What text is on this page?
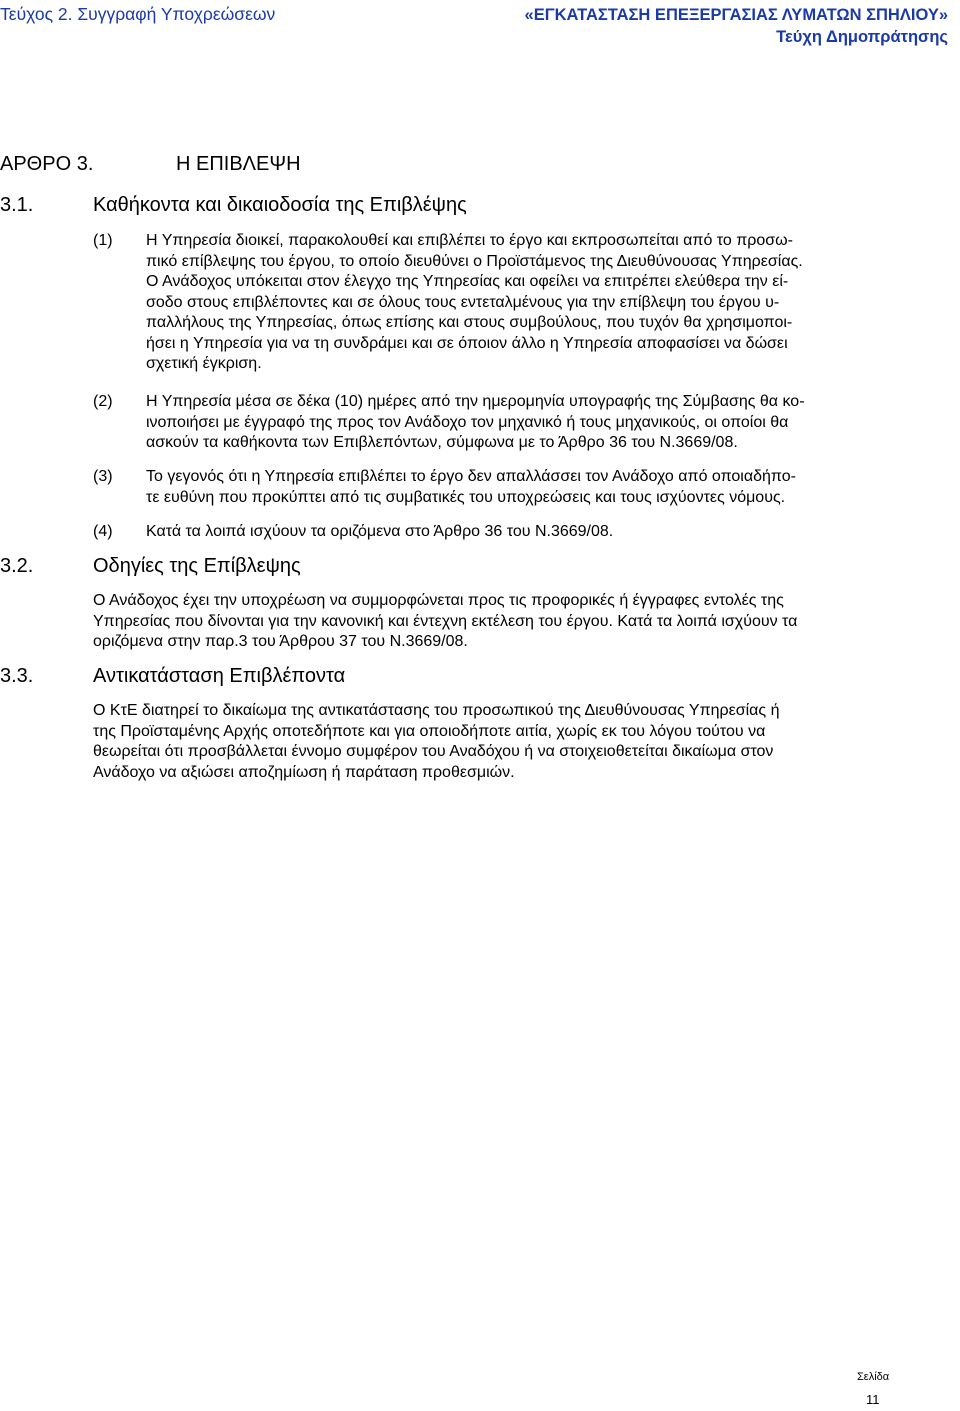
Τεύχος 2. Συγγραφή Υποχρεώσεων	«ΕΓΚΑΤΑΣΤΑΣΗ ΕΠΕΞΕΡΓΑΣΙΑΣ ΛΥΜΑΤΩΝ ΣΠΗΛΙΟΥ»
Τεύχη Δημοπράτησης
ΑΡΘΡΟ 3.	Η ΕΠΙΒΛΕΨΗ
3.1.	Καθήκοντα και δικαιοδοσία της Επιβλέψης
(1) Η Υπηρεσία διοικεί, παρακολουθεί και επιβλέπει το έργο και εκπροσωπείται από το προσω-
πικό επίβλεψης του έργου, το οποίο διευθύνει ο Προϊστάμενος της Διευθύνουσας Υπηρεσίας.
Ο Ανάδοχος υπόκειται στον έλεγχο της Υπηρεσίας και οφείλει να επιτρέπει ελεύθερα την εί-
σοδο στους επιβλέποντες και σε όλους τους εντεταλμένους για την επίβλεψη του έργου υ-
παλλήλους της Υπηρεσίας, όπως επίσης και στους συμβούλους, που τυχόν θα χρησιμοποι-
ήσει η Υπηρεσία για να τη συνδράμει και σε όποιον άλλο η Υπηρεσία αποφασίσει να δώσει
σχετική έγκριση.
(2) Η Υπηρεσία μέσα σε δέκα (10) ημέρες από την ημερομηνία υπογραφής της Σύμβασης θα κο-
ινοποιήσει με έγγραφό της προς τον Ανάδοχο τον μηχανικό ή τους μηχανικούς, οι οποίοι θα
ασκούν τα καθήκοντα των Επιβλεπόντων, σύμφωνα με το Άρθρο 36 του Ν.3669/08.
(3) Το γεγονός ότι η Υπηρεσία επιβλέπει το έργο δεν απαλλάσσει τον Ανάδοχο από οποιαδήπο-
τε ευθύνη που προκύπτει από τις συμβατικές του υποχρεώσεις και τους ισχύοντες νόμους.
(4) Κατά τα λοιπά ισχύουν τα οριζόμενα στο Άρθρο 36 του Ν.3669/08.
3.2.	Οδηγίες της Επίβλεψης
Ο Ανάδοχος έχει την υποχρέωση να συμμορφώνεται προς τις προφορικές ή έγγραφες εντολές της
Υπηρεσίας που δίνονται για την κανονική και έντεχνη εκτέλεση του έργου. Κατά τα λοιπά ισχύουν τα
οριζόμενα στην παρ.3 του Άρθρου 37 του Ν.3669/08.
3.3.	Αντικατάσταση Επιβλέποντα
Ο ΚτΕ διατηρεί το δικαίωμα της αντικατάστασης του προσωπικού της Διευθύνουσας Υπηρεσίας ή
της Προϊσταμένης Αρχής οποτεδήποτε και για οποιοδήποτε αιτία, χωρίς εκ του λόγου τούτου να
θεωρείται ότι προσβάλλεται έννομο συμφέρον του Αναδόχου ή να στοιχειοθετείται δικαίωμα στον
Ανάδοχο να αξιώσει αποζημίωση ή παράταση προθεσμιών.
Σελίδα
11
